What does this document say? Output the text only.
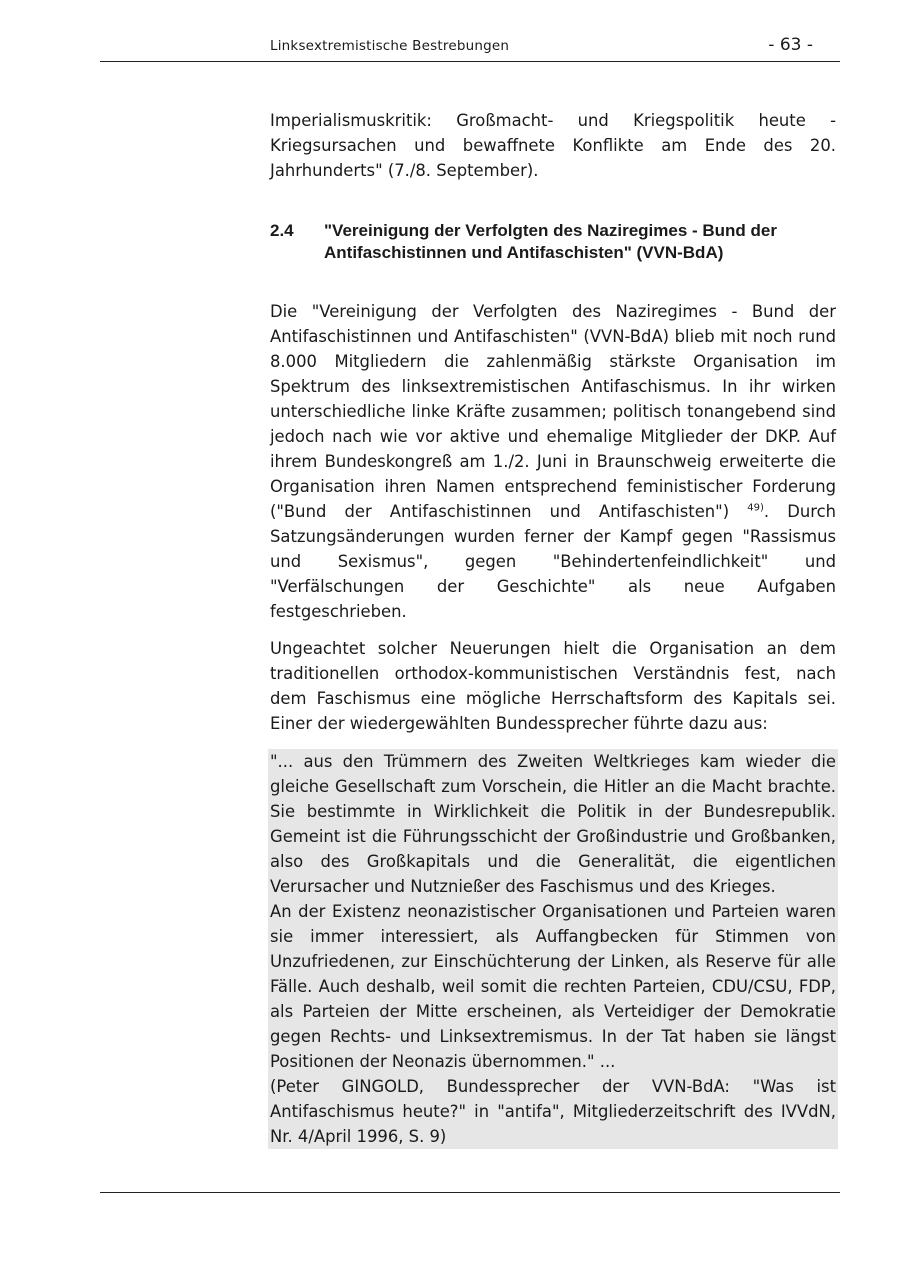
Linksextremistische Bestrebungen	- 63 -

Imperialismuskritik: Großmacht- und Kriegspolitik heute - Kriegsursachen und bewaffnete Konflikte am Ende des 20. Jahrhunderts" (7./8. September).

2.4	"Vereinigung der Verfolgten des Naziregimes - Bund der Antifaschistinnen und Antifaschisten" (VVN-BdA)

Die "Vereinigung der Verfolgten des Naziregimes - Bund der Antifaschistinnen und Antifaschisten" (VVN-BdA) blieb mit noch rund 8.000 Mitgliedern die zahlenmäßig stärkste Organisation im Spektrum des linksextremistischen Antifaschismus. In ihr wirken unterschiedliche linke Kräfte zusammen; politisch tonangebend sind jedoch nach wie vor aktive und ehemalige Mitglieder der DKP. Auf ihrem Bundeskongreß am 1./2. Juni in Braunschweig erweiterte die Organisation ihren Namen entsprechend feministischer Forderung ("Bund der Antifaschistinnen und Antifaschisten") $^{49)}$. Durch Satzungsänderungen wurden ferner der Kampf gegen "Rassismus und Sexismus", gegen "Behindertenfeindlichkeit" und "Verfälschungen der Geschichte" als neue Aufgaben festgeschrieben.

Ungeachtet solcher Neuerungen hielt die Organisation an dem traditionellen orthodox-kommunistischen Verständnis fest, nach dem Faschismus eine mögliche Herrschaftsform des Kapitals sei. Einer der wiedergewählten Bundessprecher führte dazu aus:

"... aus den Trümmern des Zweiten Weltkrieges kam wieder die gleiche Gesellschaft zum Vorschein, die Hitler an die Macht brachte. Sie bestimmte in Wirklichkeit die Politik in der Bundesrepublik. Gemeint ist die Führungsschicht der Großindustrie und Großbanken, also des Großkapitals und die Generalität, die eigentlichen Verursacher und Nutznießer des Faschismus und des Krieges.

An der Existenz neonazistischer Organisationen und Parteien waren sie immer interessiert, als Auffangbecken für Stimmen von Unzufriedenen, zur Einschüchterung der Linken, als Reserve für alle Fälle. Auch deshalb, weil somit die rechten Parteien, CDU/CSU, FDP, als Parteien der Mitte erscheinen, als Verteidiger der Demokratie gegen Rechts- und Linksextremismus. In der Tat haben sie längst Positionen der Neonazis übernommen." ...

(Peter GINGOLD, Bundessprecher der VVN-BdA: "Was ist Antifaschismus heute?" in "antifa", Mitgliederzeitschrift des IVVdN, Nr. 4/April 1996, S. 9)
